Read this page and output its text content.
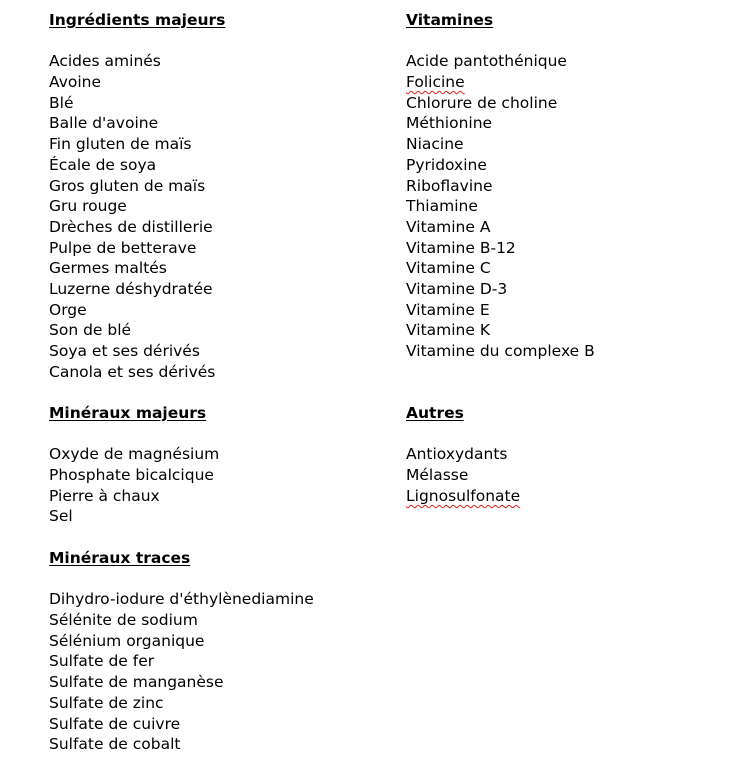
Ingrédients majeurs
Acides aminés
Avoine
Blé
Balle d'avoine
Fin gluten de maïs
Écale de soya
Gros gluten de maïs
Gru rouge
Drèches de distillerie
Pulpe de betterave
Germes maltés
Luzerne déshydratée
Orge
Son de blé
Soya et ses dérivés
Canola et ses dérivés
Vitamines
Acide pantothénique
Folicine
Chlorure de choline
Méthionine
Niacine
Pyridoxine
Riboflavine
Thiamine
Vitamine A
Vitamine B-12
Vitamine C
Vitamine D-3
Vitamine E
Vitamine K
Vitamine du complexe B
Minéraux majeurs
Oxyde de magnésium
Phosphate bicalcique
Pierre à chaux
Sel
Autres
Antioxydants
Mélasse
Lignosulfonate
Minéraux traces
Dihydro-iodure d'éthylènediamine
Sélénite de sodium
Sélénium organique
Sulfate de fer
Sulfate de manganèse
Sulfate de zinc
Sulfate de cuivre
Sulfate de cobalt
